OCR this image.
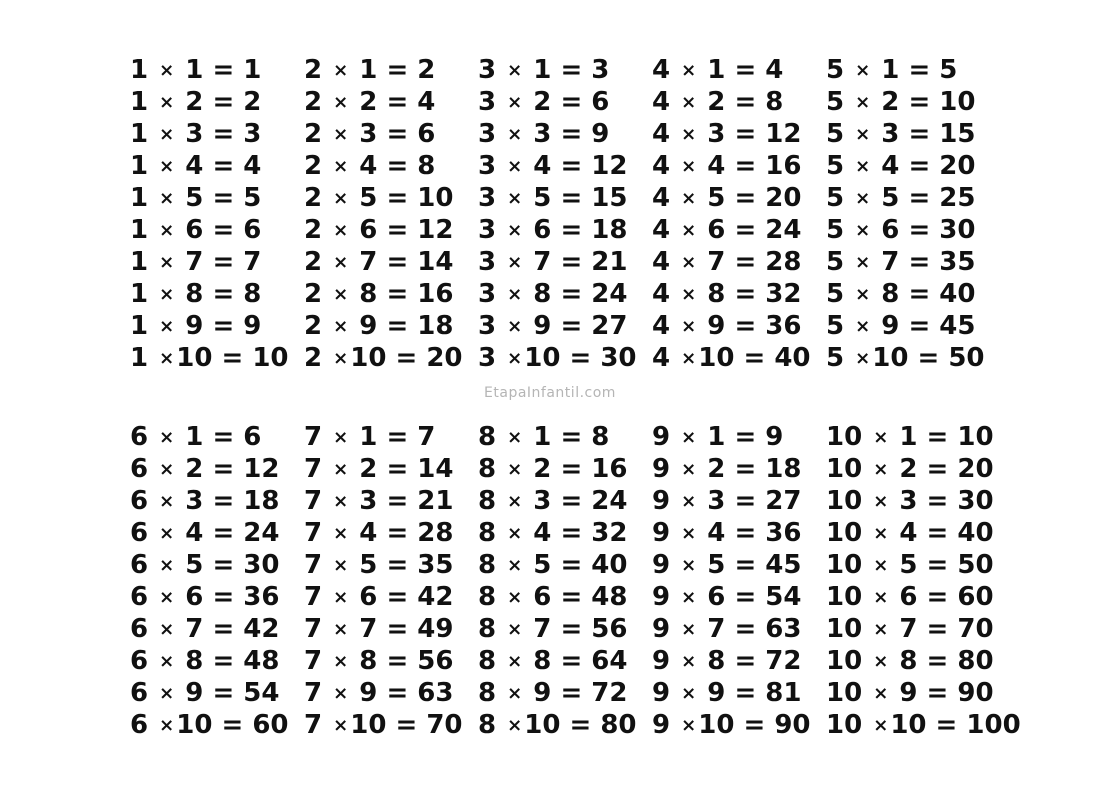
1 × 1 = 1
1 × 2 = 2
1 × 3 = 3
1 × 4 = 4
1 × 5 = 5
1 × 6 = 6
1 × 7 = 7
1 × 8 = 8
1 × 9 = 9
1 ×10 = 10
2 × 1 = 2
2 × 2 = 4
2 × 3 = 6
2 × 4 = 8
2 × 5 = 10
2 × 6 = 12
2 × 7 = 14
2 × 8 = 16
2 × 9 = 18
2 ×10 = 20
3 × 1 = 3
3 × 2 = 6
3 × 3 = 9
3 × 4 = 12
3 × 5 = 15
3 × 6 = 18
3 × 7 = 21
3 × 8 = 24
3 × 9 = 27
3 ×10 = 30
4 × 1 = 4
4 × 2 = 8
4 × 3 = 12
4 × 4 = 16
4 × 5 = 20
4 × 6 = 24
4 × 7 = 28
4 × 8 = 32
4 × 9 = 36
4 ×10 = 40
5 × 1 = 5
5 × 2 = 10
5 × 3 = 15
5 × 4 = 20
5 × 5 = 25
5 × 6 = 30
5 × 7 = 35
5 × 8 = 40
5 × 9 = 45
5 ×10 = 50
EtapaInfantil.com
6 × 1 = 6
6 × 2 = 12
6 × 3 = 18
6 × 4 = 24
6 × 5 = 30
6 × 6 = 36
6 × 7 = 42
6 × 8 = 48
6 × 9 = 54
6 ×10 = 60
7 × 1 = 7
7 × 2 = 14
7 × 3 = 21
7 × 4 = 28
7 × 5 = 35
7 × 6 = 42
7 × 7 = 49
7 × 8 = 56
7 × 9 = 63
7 ×10 = 70
8 × 1 = 8
8 × 2 = 16
8 × 3 = 24
8 × 4 = 32
8 × 5 = 40
8 × 6 = 48
8 × 7 = 56
8 × 8 = 64
8 × 9 = 72
8 ×10 = 80
9 × 1 = 9
9 × 2 = 18
9 × 3 = 27
9 × 4 = 36
9 × 5 = 45
9 × 6 = 54
9 × 7 = 63
9 × 8 = 72
9 × 9 = 81
9 ×10 = 90
10 × 1 = 10
10 × 2 = 20
10 × 3 = 30
10 × 4 = 40
10 × 5 = 50
10 × 6 = 60
10 × 7 = 70
10 × 8 = 80
10 × 9 = 90
10 ×10 = 100
